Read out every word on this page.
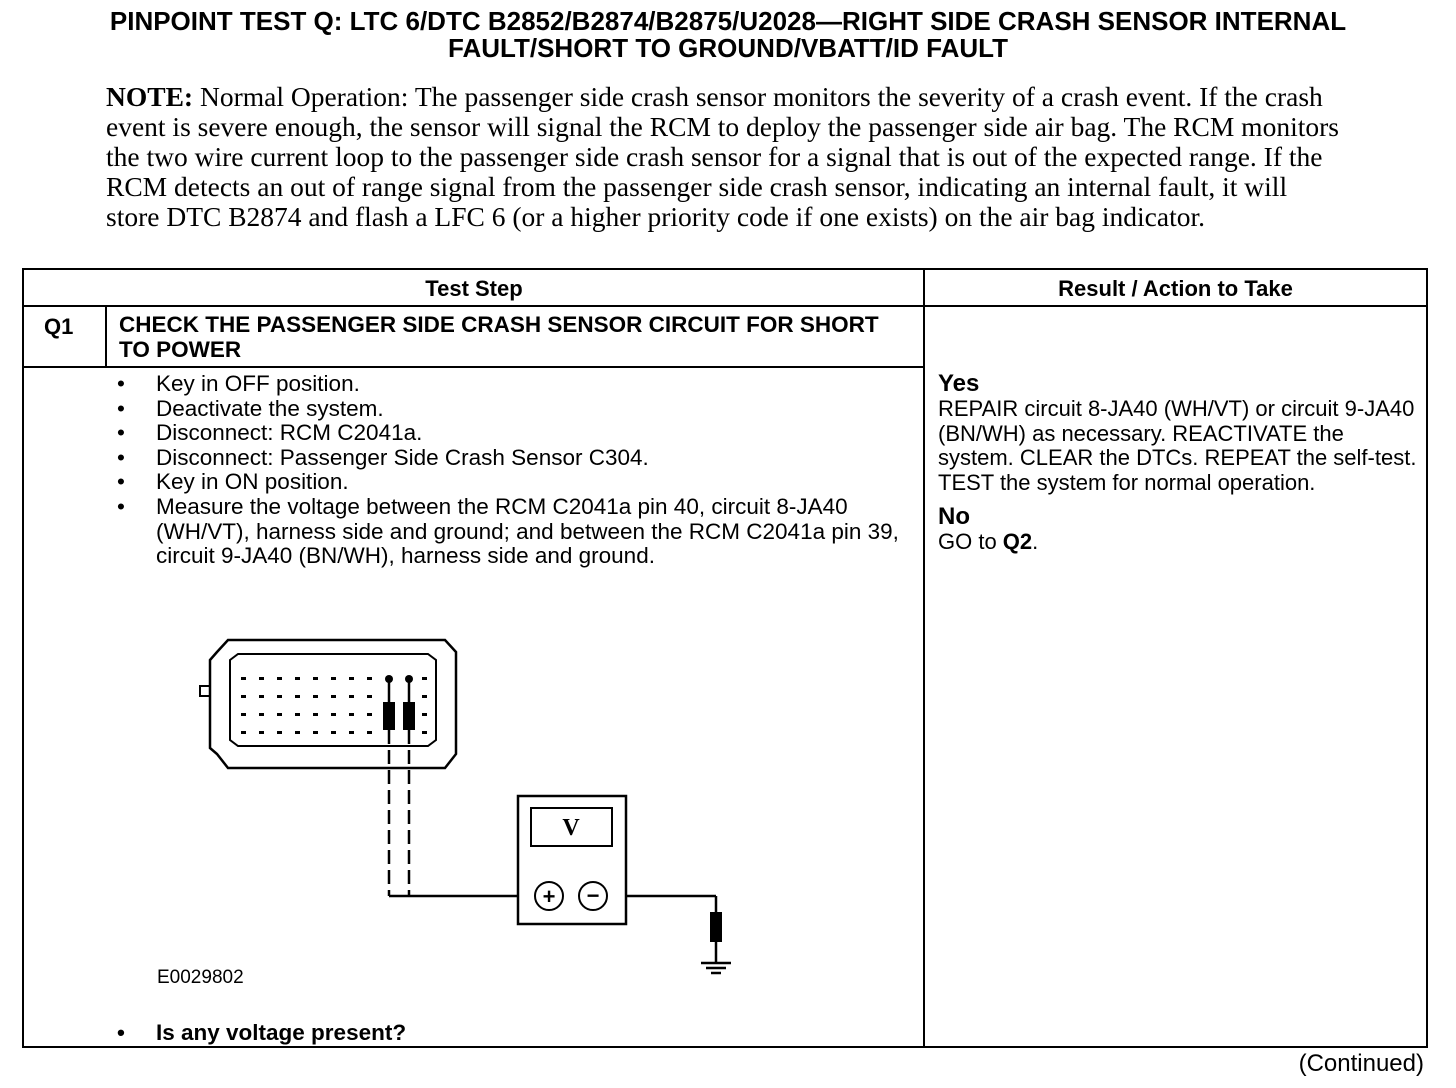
PINPOINT TEST Q: LTC 6/DTC B2852/B2874/B2875/U2028—RIGHT SIDE CRASH SENSOR INTERNAL
FAULT/SHORT TO GROUND/VBATT/ID FAULT
NOTE: Normal Operation: The passenger side crash sensor monitors the severity of a crash event. If the crash event is severe enough, the sensor will signal the RCM to deploy the passenger side air bag. The RCM monitors the two wire current loop to the passenger side crash sensor for a signal that is out of the expected range. If the RCM detects an out of range signal from the passenger side crash sensor, indicating an internal fault, it will store DTC B2874 and flash a LFC 6 (or a higher priority code if one exists) on the air bag indicator.
Test Step	Result / Action to Take
Q1 CHECK THE PASSENGER SIDE CRASH SENSOR CIRCUIT FOR SHORT TO POWER
• Key in OFF position.
• Deactivate the system.
• Disconnect: RCM C2041a.
• Disconnect: Passenger Side Crash Sensor C304.
• Key in ON position.
• Measure the voltage between the RCM C2041a pin 40, circuit 8-JA40 (WH/VT), harness side and ground; and between the RCM C2041a pin 39, circuit 9-JA40 (BN/WH), harness side and ground.
Yes

REPAIR circuit 8-JA40 (WH/VT) or circuit 9-JA40 (BN/WH) as necessary. REACTIVATE the system. CLEAR the DTCs. REPEAT the self-test. TEST the system for normal operation.

No

GO to Q2.

E0029802
• Is any voltage present?
V
+ −
(Continued)
